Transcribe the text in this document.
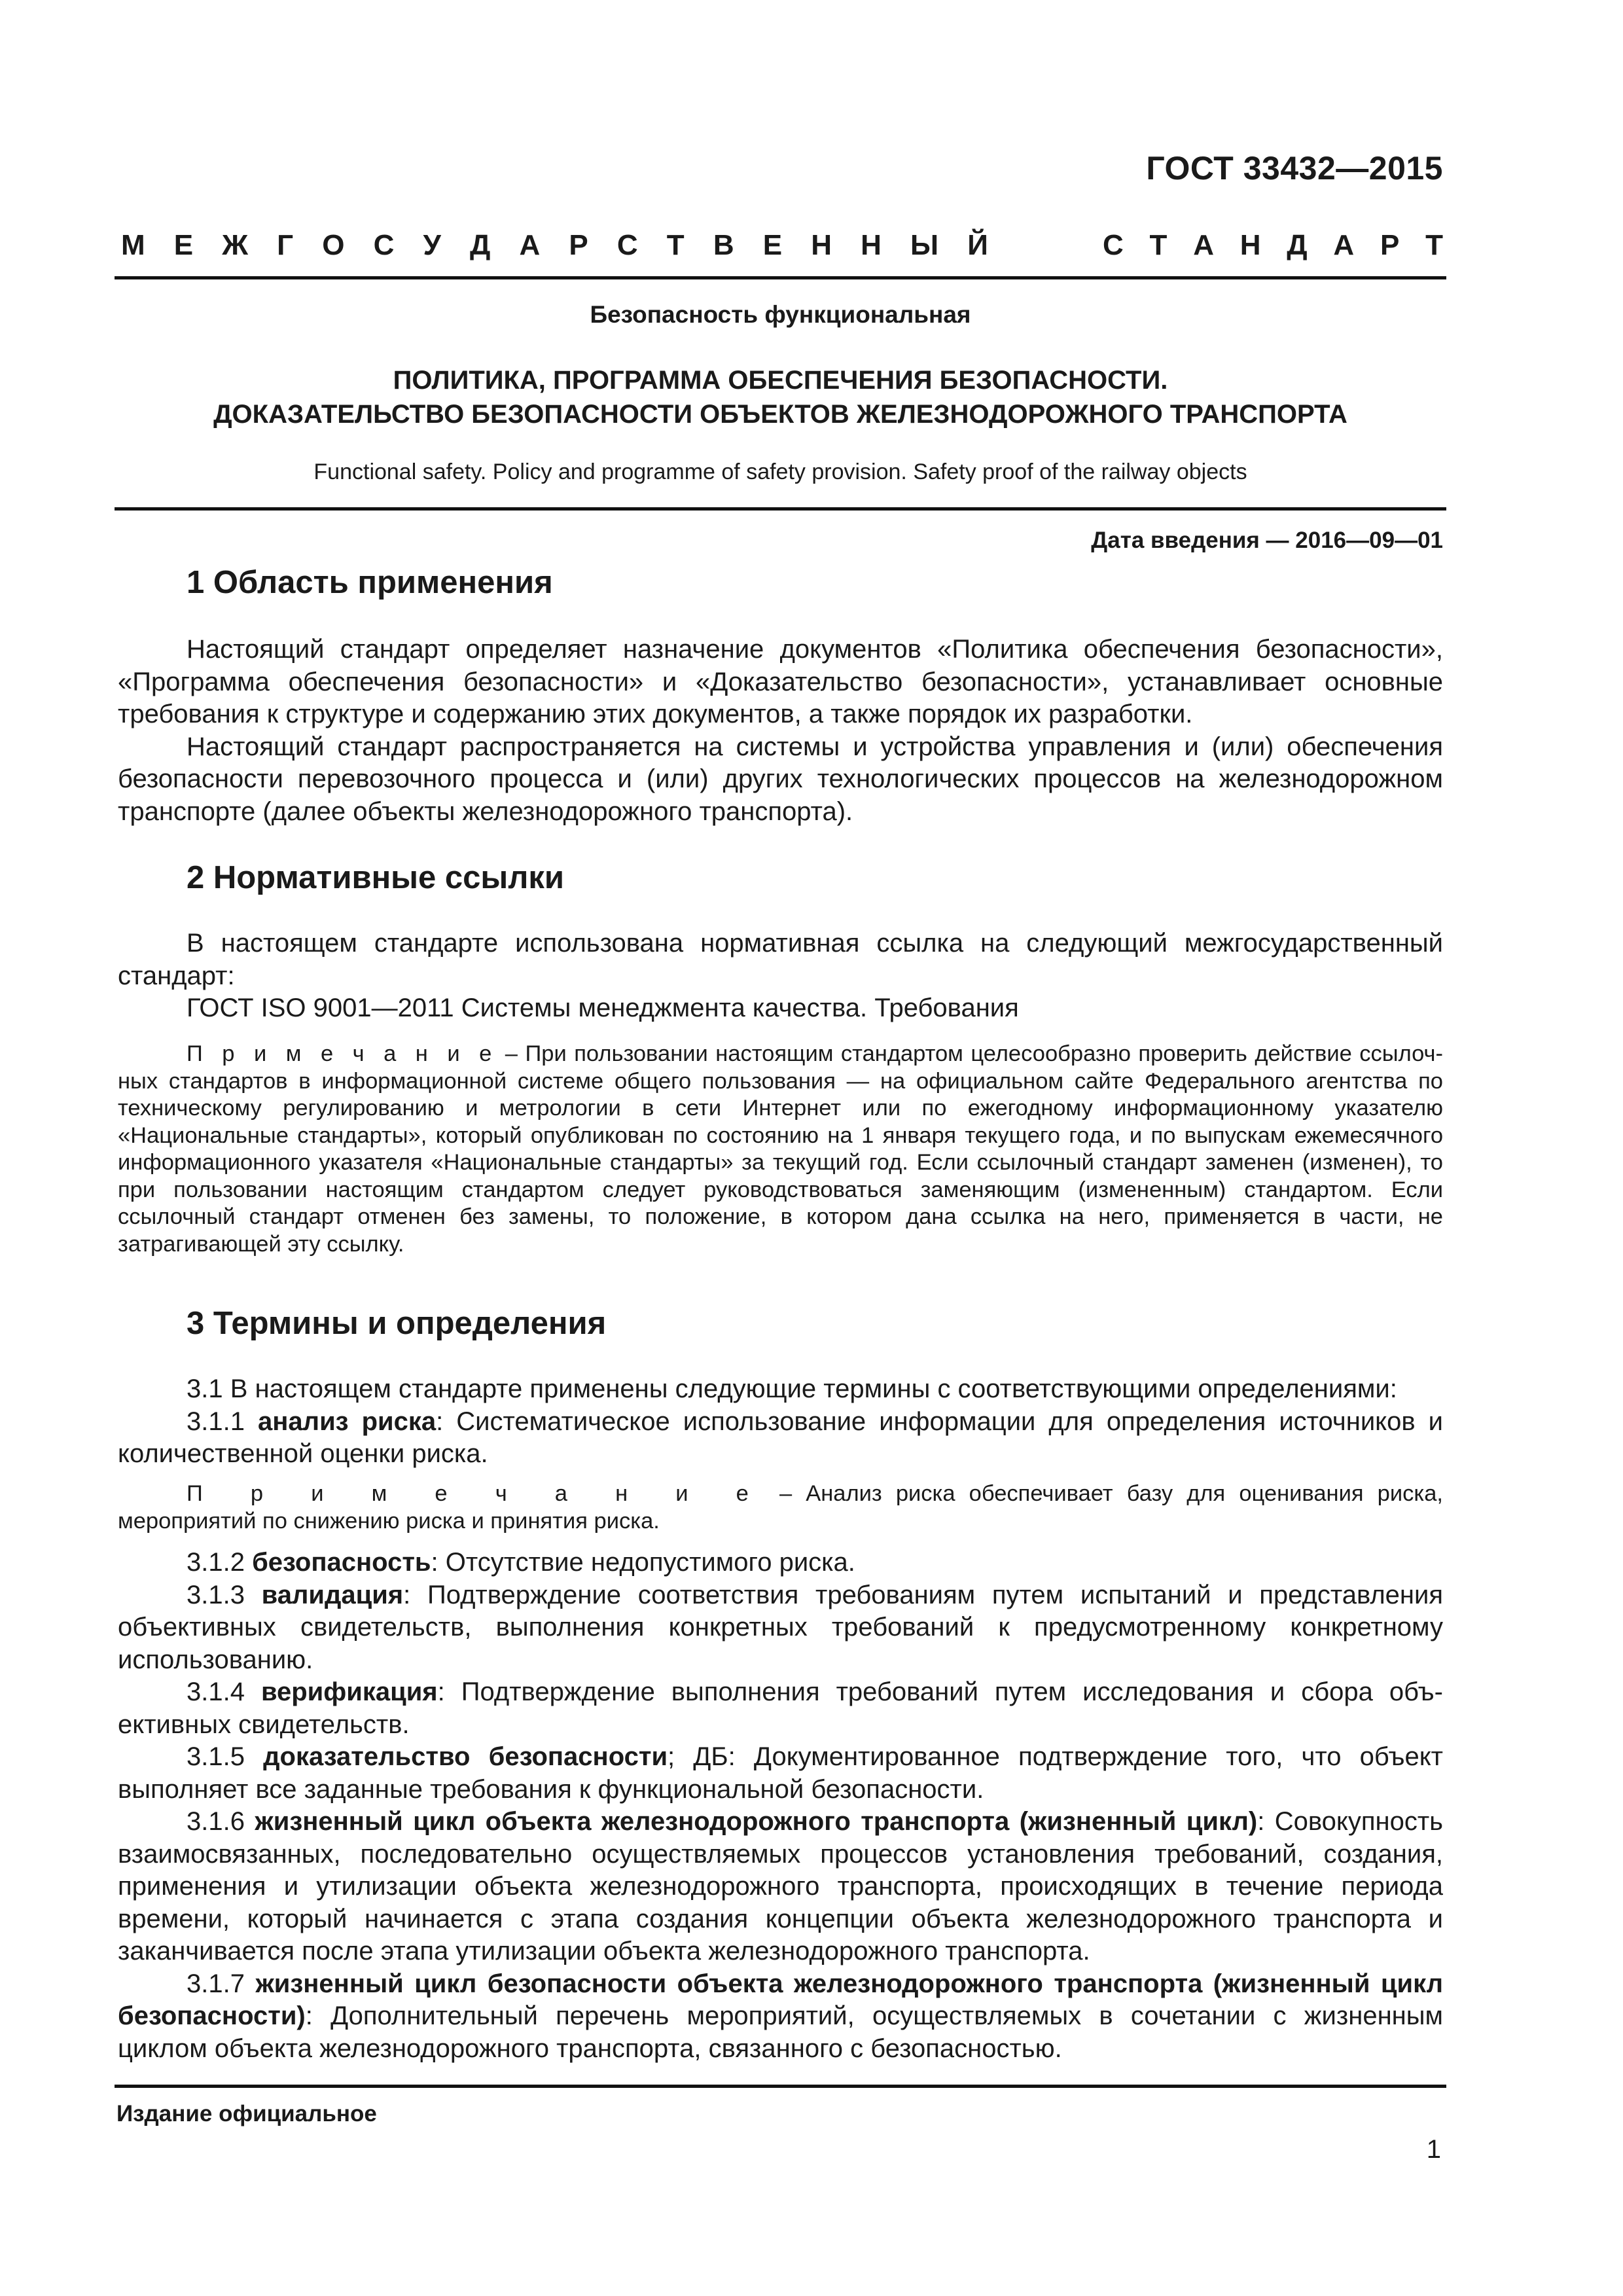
ГОСТ 33432—2015
М Е Ж Г О С У Д А Р С Т В Е Н Н Ы Й	С Т А Н Д А Р Т
Безопасность функциональная
ПОЛИТИКА, ПРОГРАММА ОБЕСПЕЧЕНИЯ БЕЗОПАСНОСТИ.
ДОКАЗАТЕЛЬСТВО БЕЗОПАСНОСТИ ОБЪЕКТОВ ЖЕЛЕЗНОДОРОЖНОГО ТРАНСПОРТА
Functional safety. Policy and programme of safety provision. Safety proof of the railway objects
Дата введения — 2016—09—01
1 Область применения

Настоящий стандарт определяет назначение документов «Политика обеспечения безопасности», «Программа обеспечения безопасности» и «Доказательство безопасности», устанавливает основные требования к структуре и содержанию этих документов, а также порядок их разработки.

Настоящий стандарт распространяется на системы и устройства управления и (или) обеспечения безопасности перевозочного процесса и (или) других технологических процессов на железнодорожном транспорте (далее объекты железнодорожного транспорта).

2 Нормативные ссылки

В настоящем стандарте использована нормативная ссылка на следующий межгосударственный стандарт:

ГОСТ ISO 9001—2011 Системы менеджмента качества. Требования

П р и м е ч а н и е – При пользовании настоящим стандартом целесообразно проверить действие ссылочных стандартов в информационной системе общего пользования — на официальном сайте Федерального агентства по техническому регулированию и метрологии в сети Интернет или по ежегодному информационному указателю «Национальные стандарты», который опубликован по состоянию на 1 января текущего года, и по выпускам ежемесячного информационного указателя «Национальные стандарты» за текущий год. Если ссылочный стандарт заменен (изменен), то при пользовании настоящим стандартом следует руководствоваться заменяющим (измененным) стандартом. Если ссылочный стандарт отменен без замены, то положение, в котором дана ссылка на него, применяется в части, не затрагивающей эту ссылку.

3 Термины и определения

3.1 В настоящем стандарте применены следующие термины с соответствующими определениями:

3.1.1 анализ риска: Систематическое использование информации для определения источников и количественной оценки риска.

П р и м е ч а н и е – Анализ риска обеспечивает базу для оценивания риска, мероприятий по снижению риска и принятия риска.

3.1.2 безопасность: Отсутствие недопустимого риска.

3.1.3 валидация: Подтверждение соответствия требованиям путем испытаний и представления объективных свидетельств, выполнения конкретных требований к предусмотренному конкретному использованию.

3.1.4 верификация: Подтверждение выполнения требований путем исследования и сбора объективных свидетельств.

3.1.5 доказательство безопасности; ДБ: Документированное подтверждение того, что объект выполняет все заданные требования к функциональной безопасности.

3.1.6 жизненный цикл объекта железнодорожного транспорта (жизненный цикл): Совокупность взаимосвязанных, последовательно осуществляемых процессов установления требований, создания, применения и утилизации объекта железнодорожного транспорта, происходящих в течение периода времени, который начинается с этапа создания концепции объекта железнодорожного транспорта и заканчивается после этапа утилизации объекта железнодорожного транспорта.

3.1.7 жизненный цикл безопасности объекта железнодорожного транспорта (жизненный цикл безопасности): Дополнительный перечень мероприятий, осуществляемых в сочетании с жизненным циклом объекта железнодорожного транспорта, связанного с безопасностью.

Издание официальное
1
